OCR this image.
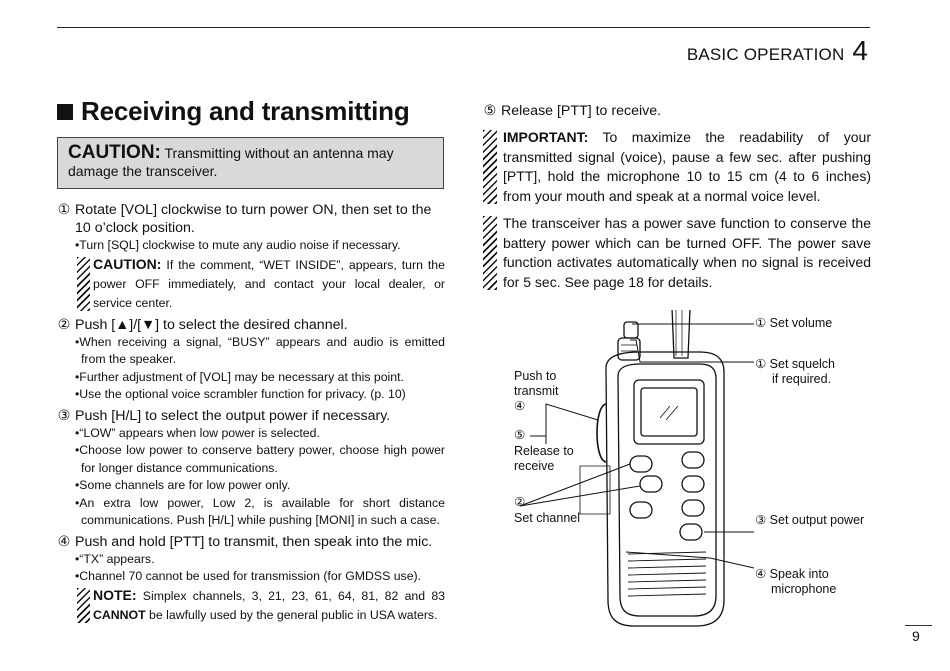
BASIC OPERATION 4
Receiving and transmitting
CAUTION: Transmitting without an antenna may damage the transceiver.
① Rotate [VOL] clockwise to turn power ON, then set to the 10 o’clock position.
•Turn [SQL] clockwise to mute any audio noise if necessary.
CAUTION: If the comment, “WET INSIDE”, appears, turn the power OFF immediately, and contact your local dealer, or service center.
② Push [▲]/[▼] to select the desired channel.
•When receiving a signal, “BUSY” appears and audio is emitted from the speaker.
•Further adjustment of [VOL] may be necessary at this point.
•Use the optional voice scrambler function for privacy. (p. 10)
③ Push [H/L] to select the output power if necessary.
•“LOW” appears when low power is selected.
•Choose low power to conserve battery power, choose high power for longer distance communications.
•Some channels are for low power only.
•An extra low power, Low 2, is available for short distance communications. Push [H/L] while pushing [MONI] in such a case.
④ Push and hold [PTT] to transmit, then speak into the mic.
•“TX” appears.
•Channel 70 cannot be used for transmission (for GMDSS use).
NOTE: Simplex channels, 3, 21, 23, 61, 64, 81, 82 and 83 CANNOT be lawfully used by the general public in USA waters.
⑤ Release [PTT] to receive.
IMPORTANT: To maximize the readability of your transmitted signal (voice), pause a few sec. after pushing [PTT], hold the microphone 10 to 15 cm (4 to 6 inches) from your mouth and speak at a normal voice level.
The transceiver has a power save function to conserve the battery power which can be turned OFF. The power save function activates automatically when no signal is received for 5 sec. See page 18 for details.
① Set volume
① Set squelch
if required.
Push to
transmit
④
⑤
Release to
receive
②
Set channel	③ Set output power
④ Speak into
microphone
9
